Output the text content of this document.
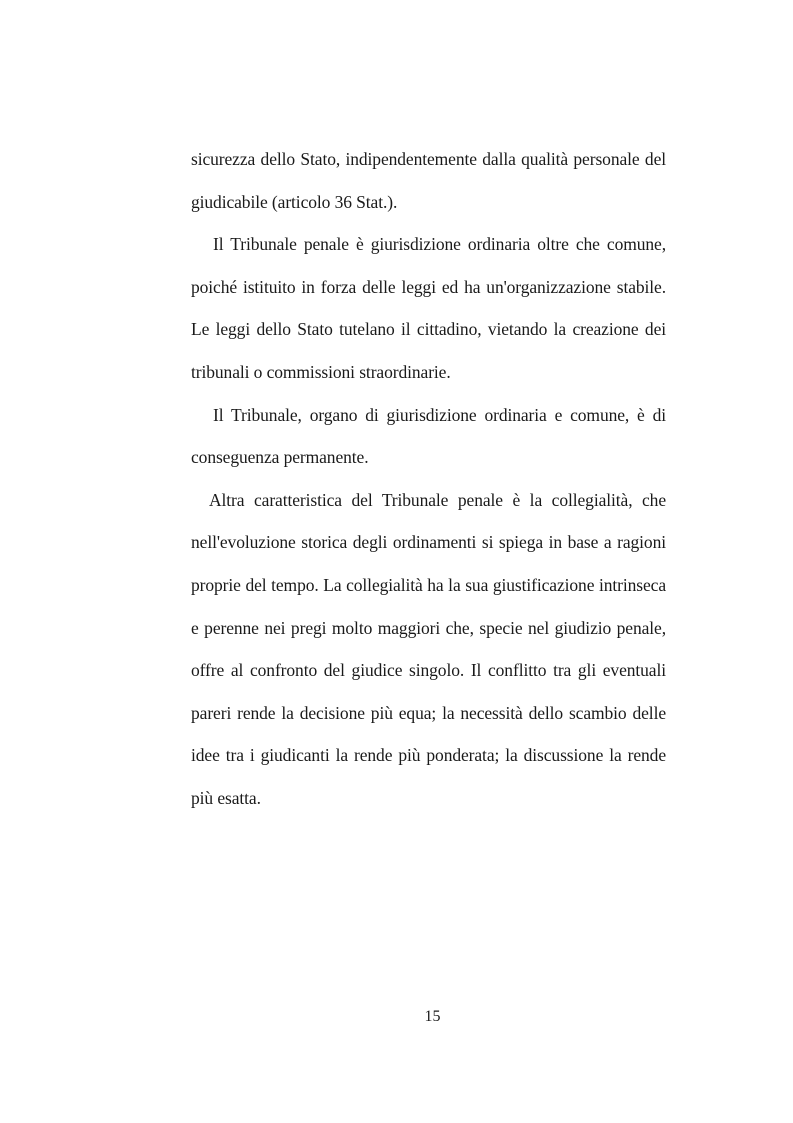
sicurezza dello Stato, indipendentemente dalla qualità personale del giudicabile (articolo 36 Stat.).

Il Tribunale penale è giurisdizione ordinaria oltre che comune, poiché istituito in forza delle leggi ed ha un'organizzazione stabile. Le leggi dello Stato tutelano il cittadino, vietando la creazione dei tribunali o commissioni straordinarie.

Il Tribunale, organo di giurisdizione ordinaria e comune, è di conseguenza permanente.

Altra caratteristica del Tribunale penale è la collegialità, che nell'evoluzione storica degli ordinamenti si spiega in base a ragioni proprie del tempo. La collegialità ha la sua giustificazione intrinseca e perenne nei pregi molto maggiori che, specie nel giudizio penale, offre al confronto del giudice singolo. Il conflitto tra gli eventuali pareri rende la decisione più equa; la necessità dello scambio delle idee tra i giudicanti la rende più ponderata; la discussione la rende più esatta.

15
